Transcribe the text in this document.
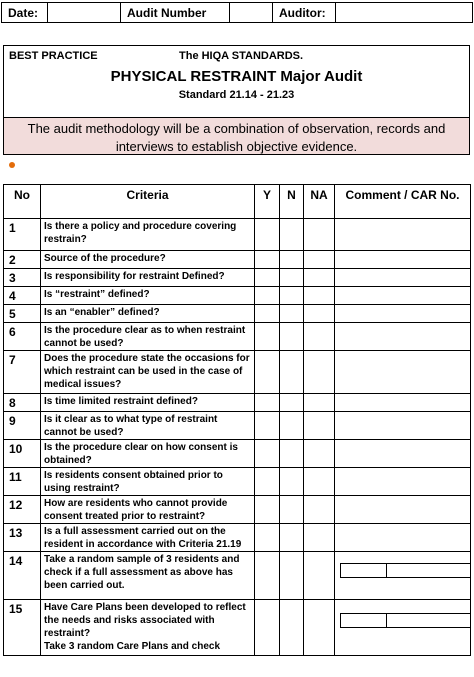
Date:		Audit Number		Auditor:	
BEST PRACTICE	The HIQA STANDARDS.
PHYSICAL RESTRAINT Major Audit
Standard 21.14 - 21.23
The audit methodology will be a combination of observation, records and interviews to establish objective evidence.
No	Criteria	Y	N	NA	Comment / CAR No.
1	Is there a policy and procedure covering restrain?				
2	Source of the procedure?				
3	Is responsibility for restraint Defined?				
4	Is “restraint” defined?				
5	Is an “enabler” defined?				
6	Is the procedure clear as to when restraint cannot be used?				
7	Does the procedure state the occasions for which restraint can be used in the case of medical issues?				
8	Is time limited restraint defined?				
9	Is it clear as to what type of restraint cannot be used?				
10	Is the procedure clear on how consent is obtained?				
11	Is residents consent obtained prior to using restraint?				
12	How are residents who cannot provide consent treated prior to restraint?				
13	Is a full assessment carried out on the resident in accordance with Criteria 21.19				
14	Take a random sample of 3 residents and check if a full assessment as above has been carried out.				

15	Have Care Plans been developed to reflect the needs and risks associated with restraint?
Take 3 random Care Plans and check				
